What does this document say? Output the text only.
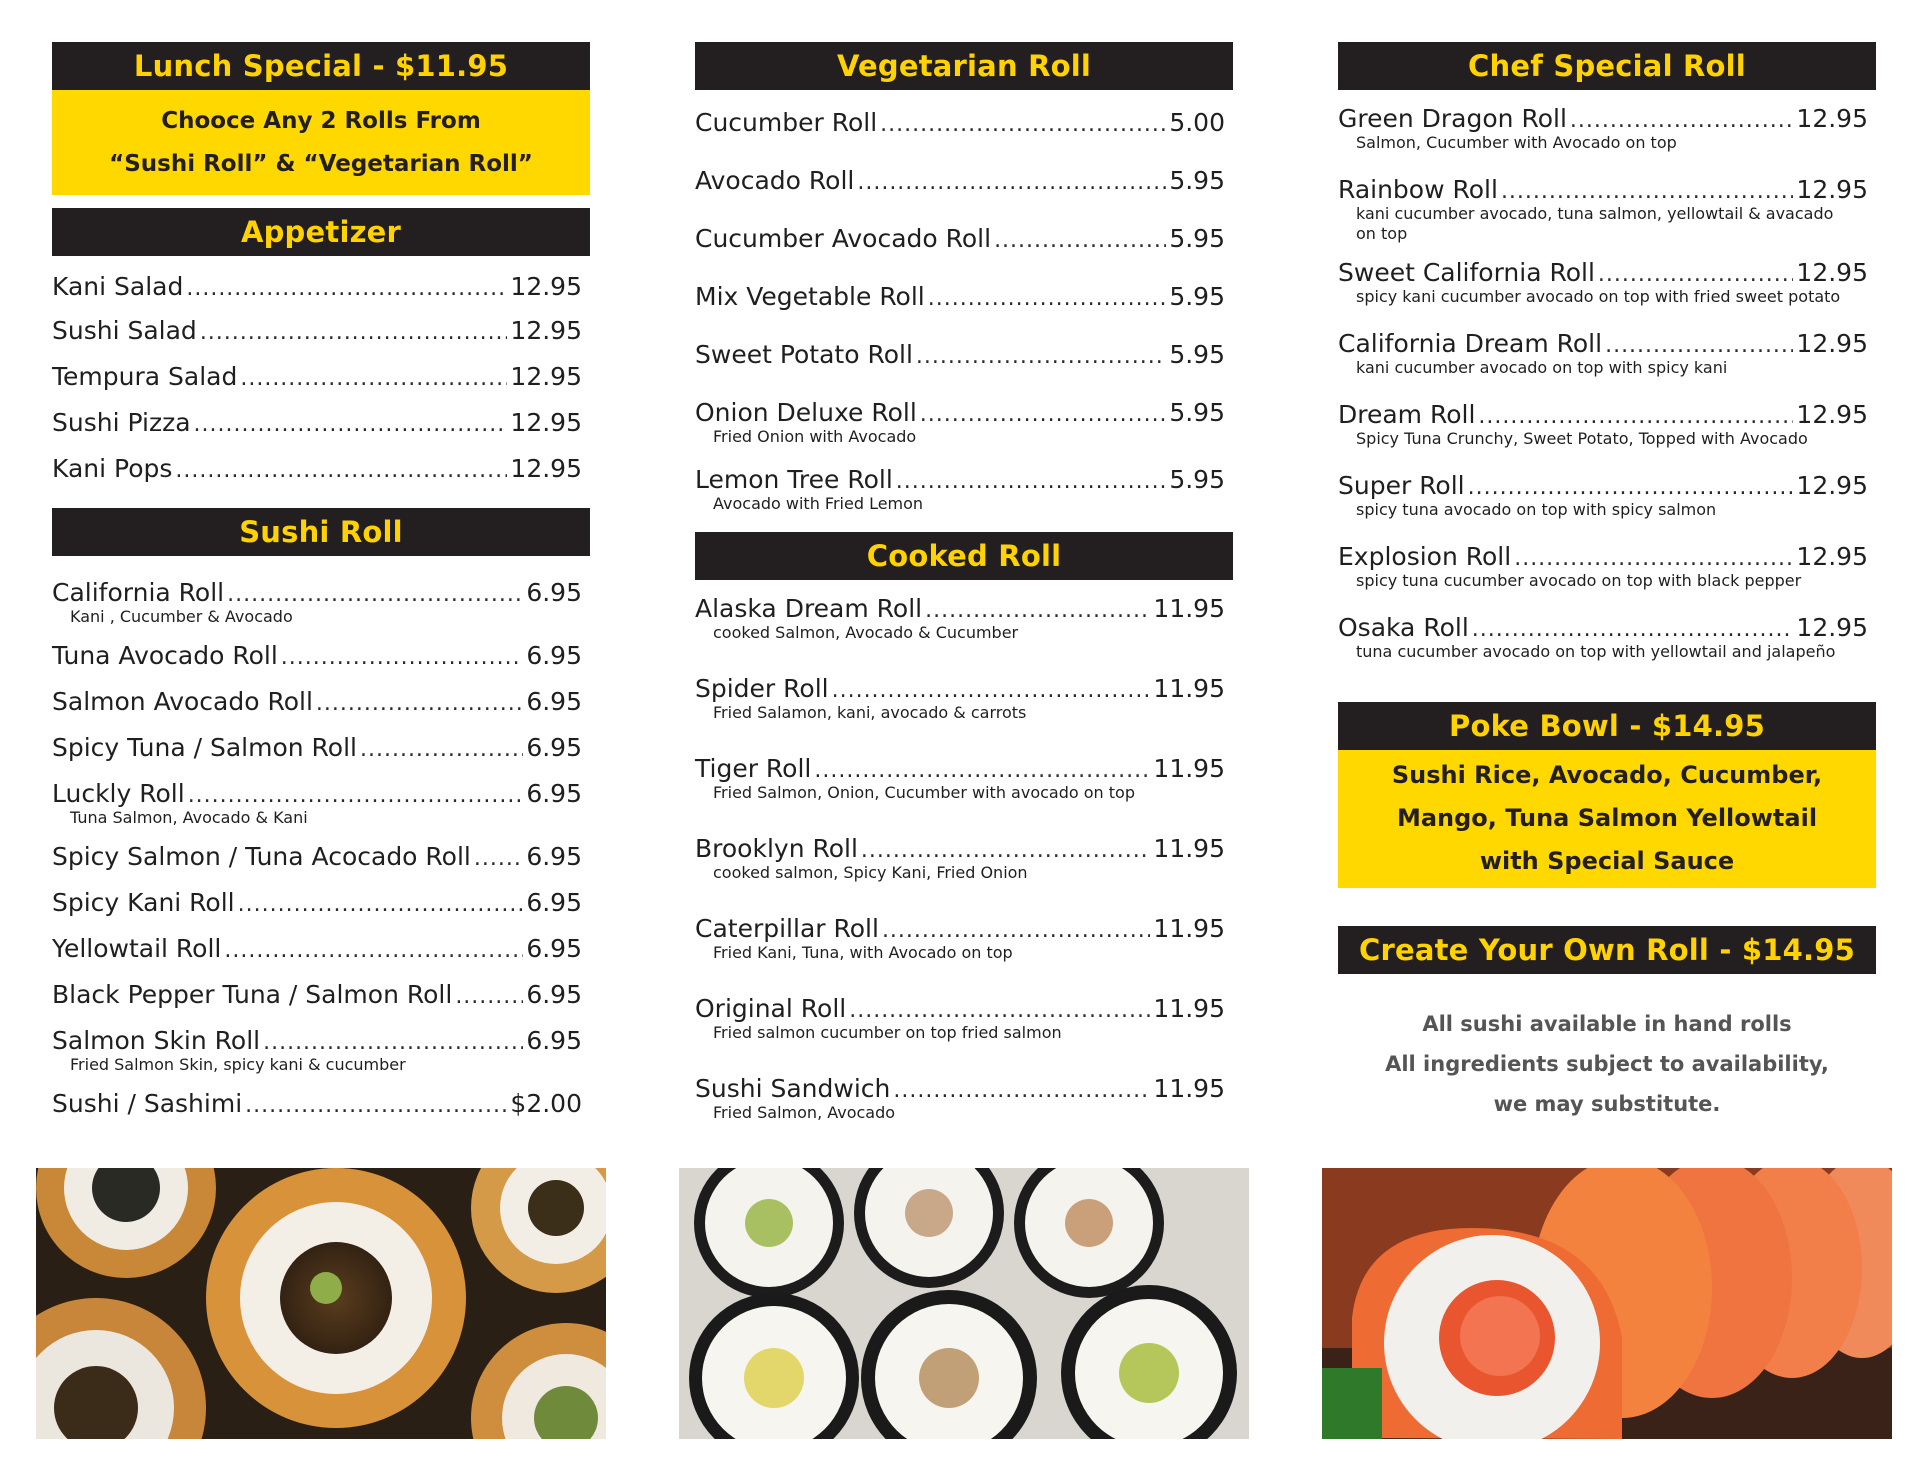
Lunch Special - $11.95

Chooce Any 2 Rolls From

“Sushi Roll” & “Vegetarian Roll”

Appetizer
Kani Salad .....	12.95
Sushi Salad .....	12.95
Tempura Salad .....	12.95
Sushi Pizza .....	12.95
Kani Pops .....	12.95
Sushi Roll
California Roll .....	6.95
Kani , Cucumber & Avocado
Tuna Avocado Roll .....	6.95
Salmon Avocado Roll .....	6.95
Spicy Tuna / Salmon Roll .....	6.95
Luckly Roll .....	6.95
Tuna Salmon, Avocado & Kani
Spicy Salmon / Tuna Acocado Roll ..... 6.95
Spicy Kani Roll .....	6.95
Yellowtail Roll .....	6.95
Black Pepper Tuna / Salmon Roll .....	6.95
Salmon Skin Roll .....	6.95
Fried Salmon Skin, spicy kani & cucumber
Sushi / Sashimi .....	$2.00
Vegetarian Roll
Cucumber Roll .....	5.00
Avocado Roll .....	5.95
Cucumber Avocado Roll .....	5.95
Mix Vegetable Roll .....	5.95
Sweet Potato Roll .....	5.95
Onion Deluxe Roll .....	5.95
Fried Onion with Avocado
Lemon Tree Roll .....	5.95
Avocado with Fried Lemon
Cooked Roll
Alaska Dream Roll .....	11.95
cooked Salmon, Avocado & Cucumber
Spider Roll .....	11.95
Fried Salamon, kani, avocado & carrots
Tiger Roll .....	11.95
Fried Salmon, Onion, Cucumber with avocado on top
Brooklyn Roll .....	11.95
cooked salmon, Spicy Kani, Fried Onion
Caterpillar Roll .....	11.95
Fried Kani, Tuna, with Avocado on top
Original Roll .....	11.95
Fried salmon cucumber on top fried salmon
Sushi Sandwich .....	11.95
Fried Salmon, Avocado
Chef Special Roll
Green Dragon Roll .....	12.95
Salmon, Cucumber with Avocado on top
Rainbow Roll .....	12.95
kani cucumber avocado, tuna salmon, yellowtail & avacado on top
Sweet California Roll .....	12.95
spicy kani cucumber avocado on top with fried sweet potato
California Dream Roll .....	12.95
kani cucumber avocado on top with spicy kani
Dream Roll .....	12.95
Spicy Tuna Crunchy, Sweet Potato, Topped with Avocado
Super Roll .....	12.95
spicy tuna avocado on top with spicy salmon
Explosion Roll .....	12.95
spicy tuna cucumber avocado on top with black pepper
Osaka Roll .....	12.95
tuna cucumber avocado on top with yellowtail and jalapeño
Poke Bowl - $14.95

Sushi Rice, Avocado, Cucumber,

Mango, Tuna Salmon Yellowtail

with Special Sauce

Create Your Own Roll - $14.95

All sushi available in hand rolls

All ingredients subject to availability,

we may substitute.
